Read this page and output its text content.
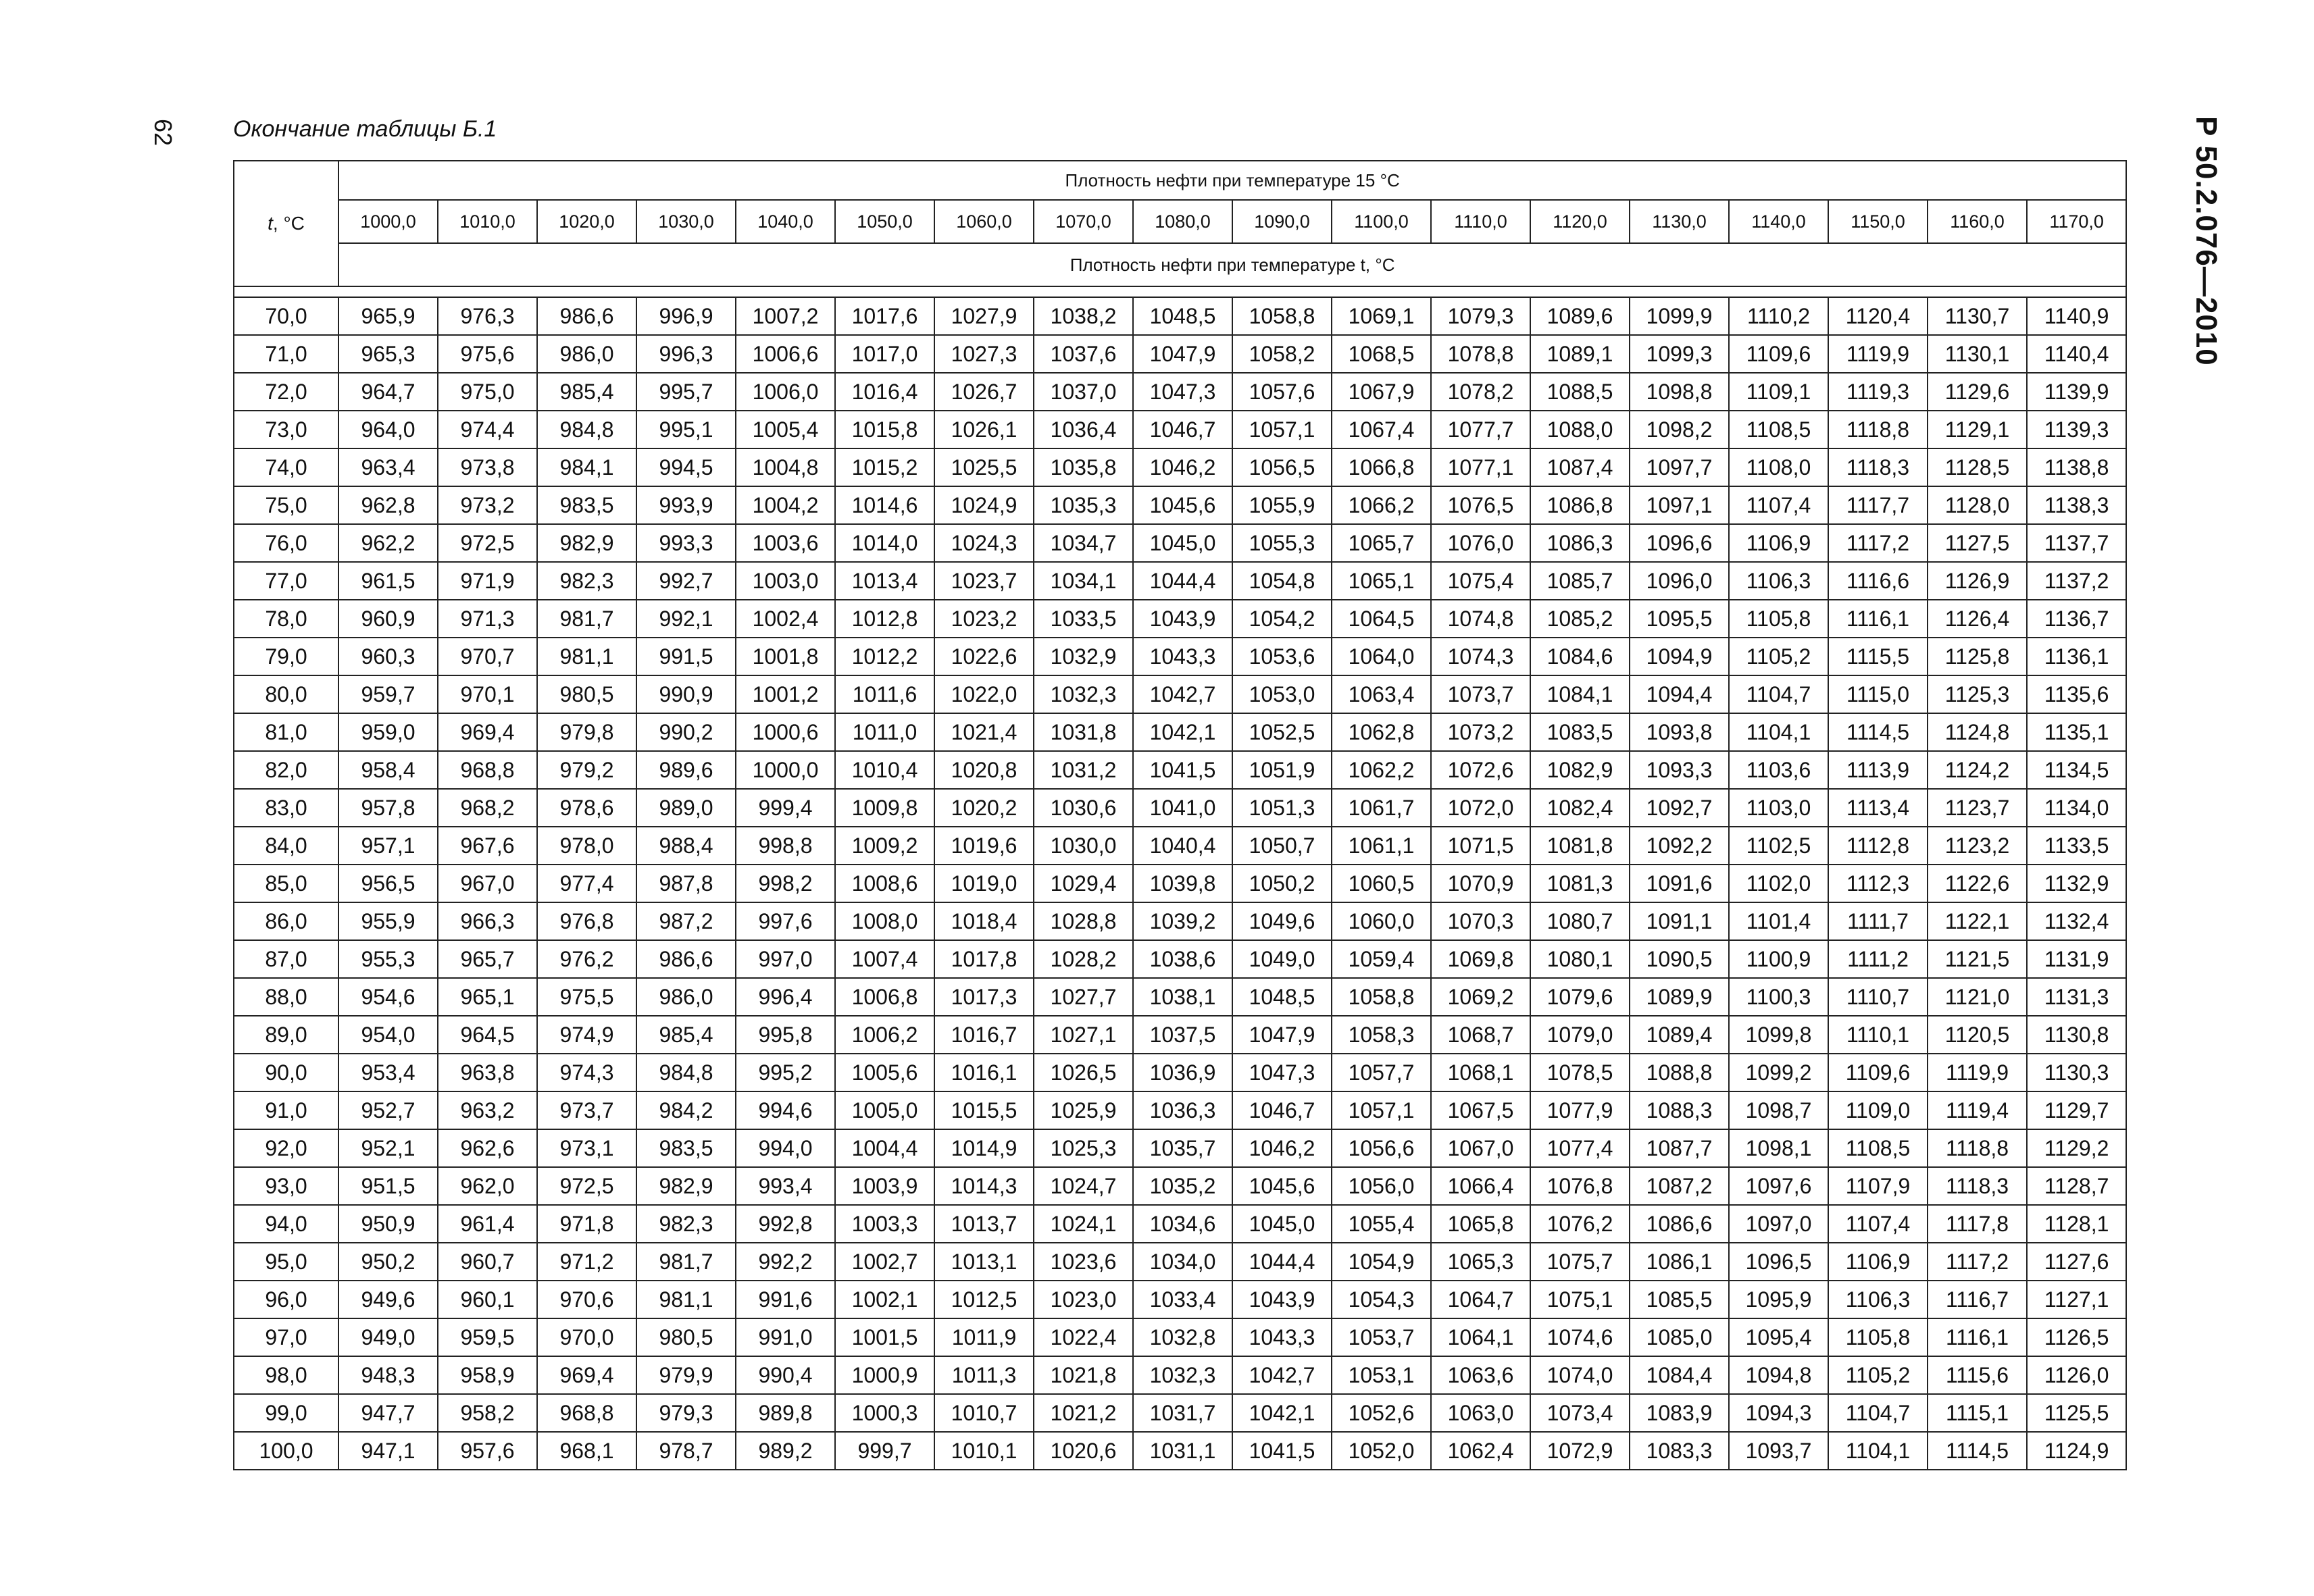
62 Окончание таблицы Б.1	Р 50.2.076—2010
t, °C	Плотность нефти при температуре 15 °С																	
	1000,0	1010,0	1020,0	1030,0	1040,0	1050,0	1060,0	1070,0	1080,0	1090,0	1100,0	1110,0	1120,0	1130,0	1140,0	1150,0	1160,0	1170,0
	Плотность нефти при температуре t, °С																	

70,0	965,9	976,3	986,6	996,9	1007,2	1017,6	1027,9	1038,2	1048,5	1058,8	1069,1	1079,3	1089,6	1099,9	1110,2	1120,4	1130,7	1140,9
71,0	965,3	975,6	986,0	996,3	1006,6	1017,0	1027,3	1037,6	1047,9	1058,2	1068,5	1078,8	1089,1	1099,3	1109,6	1119,9	1130,1	1140,4
72,0	964,7	975,0	985,4	995,7	1006,0	1016,4	1026,7	1037,0	1047,3	1057,6	1067,9	1078,2	1088,5	1098,8	1109,1	1119,3	1129,6	1139,9
73,0	964,0	974,4	984,8	995,1	1005,4	1015,8	1026,1	1036,4	1046,7	1057,1	1067,4	1077,7	1088,0	1098,2	1108,5	1118,8	1129,1	1139,3
74,0	963,4	973,8	984,1	994,5	1004,8	1015,2	1025,5	1035,8	1046,2	1056,5	1066,8	1077,1	1087,4	1097,7	1108,0	1118,3	1128,5	1138,8
75,0	962,8	973,2	983,5	993,9	1004,2	1014,6	1024,9	1035,3	1045,6	1055,9	1066,2	1076,5	1086,8	1097,1	1107,4	1117,7	1128,0	1138,3
76,0	962,2	972,5	982,9	993,3	1003,6	1014,0	1024,3	1034,7	1045,0	1055,3	1065,7	1076,0	1086,3	1096,6	1106,9	1117,2	1127,5	1137,7
77,0	961,5	971,9	982,3	992,7	1003,0	1013,4	1023,7	1034,1	1044,4	1054,8	1065,1	1075,4	1085,7	1096,0	1106,3	1116,6	1126,9	1137,2
78,0	960,9	971,3	981,7	992,1	1002,4	1012,8	1023,2	1033,5	1043,9	1054,2	1064,5	1074,8	1085,2	1095,5	1105,8	1116,1	1126,4	1136,7
79,0	960,3	970,7	981,1	991,5	1001,8	1012,2	1022,6	1032,9	1043,3	1053,6	1064,0	1074,3	1084,6	1094,9	1105,2	1115,5	1125,8	1136,1
80,0	959,7	970,1	980,5	990,9	1001,2	1011,6	1022,0	1032,3	1042,7	1053,0	1063,4	1073,7	1084,1	1094,4	1104,7	1115,0	1125,3	1135,6
81,0	959,0	969,4	979,8	990,2	1000,6	1011,0	1021,4	1031,8	1042,1	1052,5	1062,8	1073,2	1083,5	1093,8	1104,1	1114,5	1124,8	1135,1
82,0	958,4	968,8	979,2	989,6	1000,0	1010,4	1020,8	1031,2	1041,5	1051,9	1062,2	1072,6	1082,9	1093,3	1103,6	1113,9	1124,2	1134,5
83,0	957,8	968,2	978,6	989,0	999,4	1009,8	1020,2	1030,6	1041,0	1051,3	1061,7	1072,0	1082,4	1092,7	1103,0	1113,4	1123,7	1134,0
84,0	957,1	967,6	978,0	988,4	998,8	1009,2	1019,6	1030,0	1040,4	1050,7	1061,1	1071,5	1081,8	1092,2	1102,5	1112,8	1123,2	1133,5
85,0	956,5	967,0	977,4	987,8	998,2	1008,6	1019,0	1029,4	1039,8	1050,2	1060,5	1070,9	1081,3	1091,6	1102,0	1112,3	1122,6	1132,9
86,0	955,9	966,3	976,8	987,2	997,6	1008,0	1018,4	1028,8	1039,2	1049,6	1060,0	1070,3	1080,7	1091,1	1101,4	1111,7	1122,1	1132,4
87,0	955,3	965,7	976,2	986,6	997,0	1007,4	1017,8	1028,2	1038,6	1049,0	1059,4	1069,8	1080,1	1090,5	1100,9	1111,2	1121,5	1131,9
88,0	954,6	965,1	975,5	986,0	996,4	1006,8	1017,3	1027,7	1038,1	1048,5	1058,8	1069,2	1079,6	1089,9	1100,3	1110,7	1121,0	1131,3
89,0	954,0	964,5	974,9	985,4	995,8	1006,2	1016,7	1027,1	1037,5	1047,9	1058,3	1068,7	1079,0	1089,4	1099,8	1110,1	1120,5	1130,8
90,0	953,4	963,8	974,3	984,8	995,2	1005,6	1016,1	1026,5	1036,9	1047,3	1057,7	1068,1	1078,5	1088,8	1099,2	1109,6	1119,9	1130,3
91,0	952,7	963,2	973,7	984,2	994,6	1005,0	1015,5	1025,9	1036,3	1046,7	1057,1	1067,5	1077,9	1088,3	1098,7	1109,0	1119,4	1129,7
92,0	952,1	962,6	973,1	983,5	994,0	1004,4	1014,9	1025,3	1035,7	1046,2	1056,6	1067,0	1077,4	1087,7	1098,1	1108,5	1118,8	1129,2
93,0	951,5	962,0	972,5	982,9	993,4	1003,9	1014,3	1024,7	1035,2	1045,6	1056,0	1066,4	1076,8	1087,2	1097,6	1107,9	1118,3	1128,7
94,0	950,9	961,4	971,8	982,3	992,8	1003,3	1013,7	1024,1	1034,6	1045,0	1055,4	1065,8	1076,2	1086,6	1097,0	1107,4	1117,8	1128,1
95,0	950,2	960,7	971,2	981,7	992,2	1002,7	1013,1	1023,6	1034,0	1044,4	1054,9	1065,3	1075,7	1086,1	1096,5	1106,9	1117,2	1127,6
96,0	949,6	960,1	970,6	981,1	991,6	1002,1	1012,5	1023,0	1033,4	1043,9	1054,3	1064,7	1075,1	1085,5	1095,9	1106,3	1116,7	1127,1
97,0	949,0	959,5	970,0	980,5	991,0	1001,5	1011,9	1022,4	1032,8	1043,3	1053,7	1064,1	1074,6	1085,0	1095,4	1105,8	1116,1	1126,5
98,0	948,3	958,9	969,4	979,9	990,4	1000,9	1011,3	1021,8	1032,3	1042,7	1053,1	1063,6	1074,0	1084,4	1094,8	1105,2	1115,6	1126,0
99,0	947,7	958,2	968,8	979,3	989,8	1000,3	1010,7	1021,2	1031,7	1042,1	1052,6	1063,0	1073,4	1083,9	1094,3	1104,7	1115,1	1125,5
100,0	947,1	957,6	968,1	978,7	989,2	999,7	1010,1	1020,6	1031,1	1041,5	1052,0	1062,4	1072,9	1083,3	1093,7	1104,1	1114,5	1124,9
